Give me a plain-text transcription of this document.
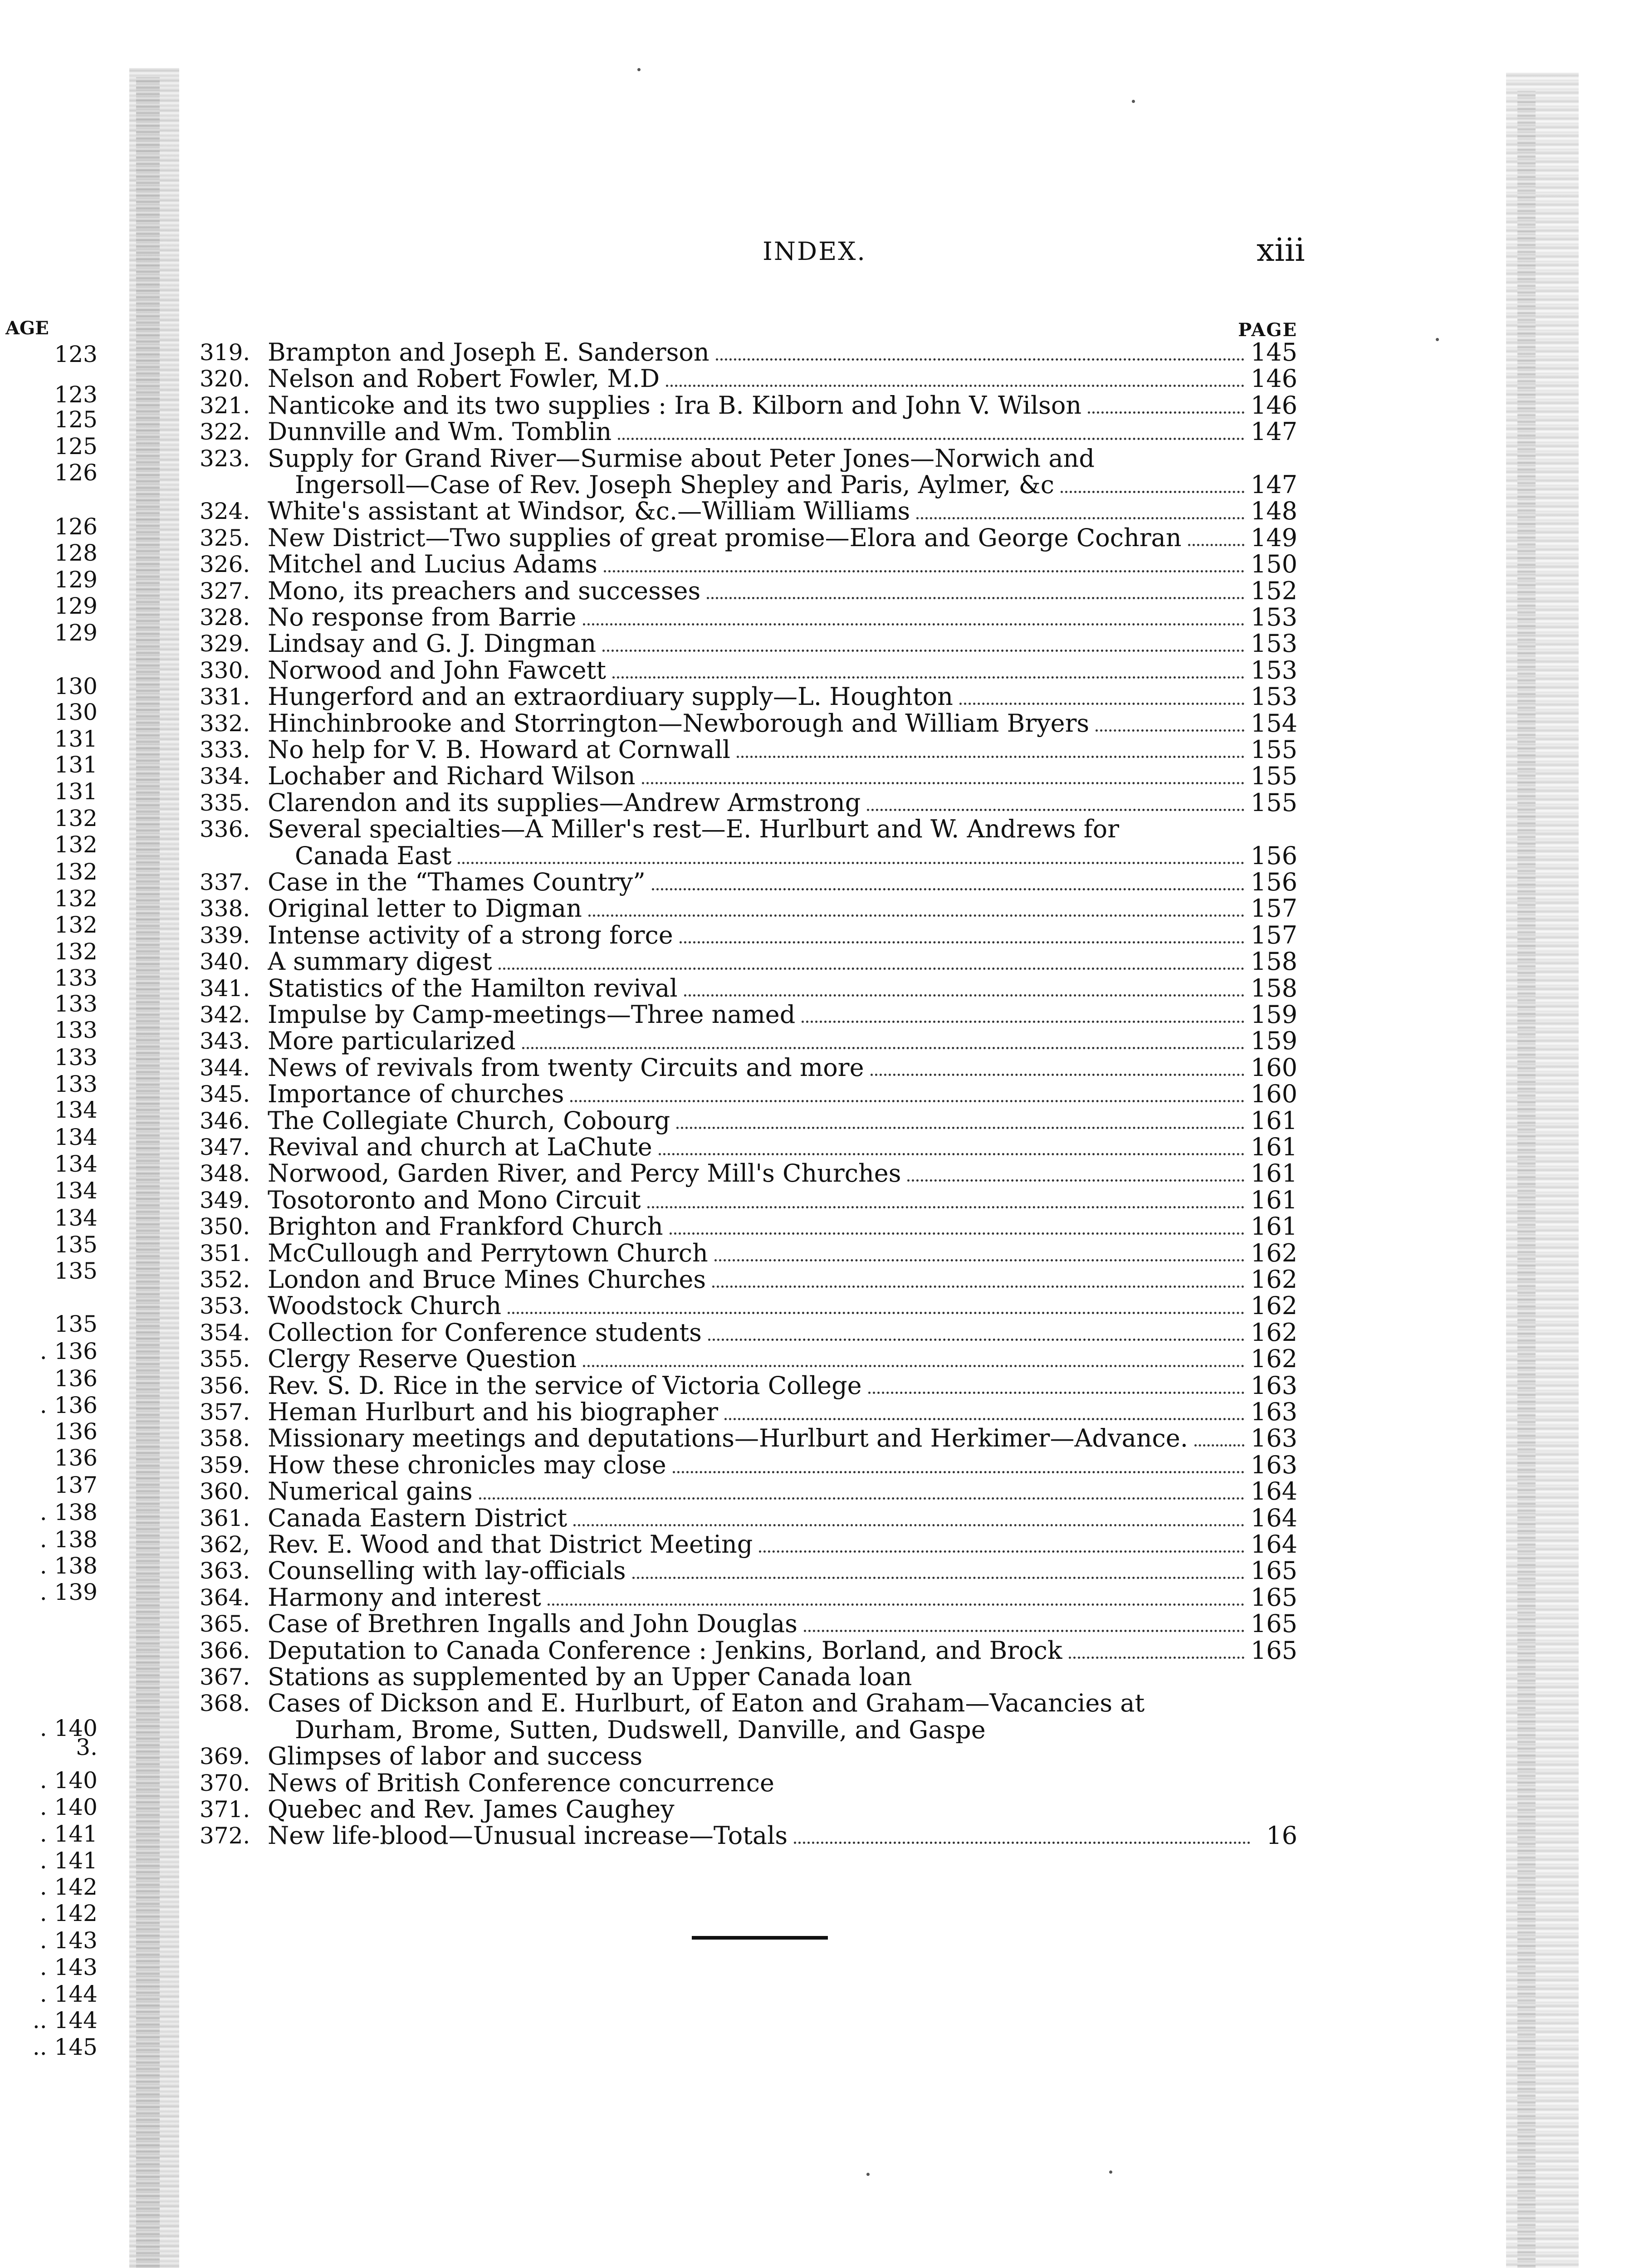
INDEX.	xiii
PAGE
AGE
123
123
125
125
126
126
128
129
129
129
130
130
131
131
131
132
132
132
132
132
132
133
133
133
133
133
134
134
134
134
134
135
135
135
. 136
136
. 136
136
136
137
. 138
. 138
. 138
. 139
. 140
3.
. 140
. 140
. 141
. 141
. 142
. 142
. 143
. 143
. 144
.. 144
.. 145
319. Brampton and Joseph E. Sanderson	145
320. Nelson and Robert Fowler, M.D	146
321. Nanticoke and its two supplies : Ira B. Kilborn and John V. Wilson	146
322. Dunnville and Wm. Tomblin	147
323. Supply for Grand River—Surmise about Peter Jones—Norwich and
Ingersoll—Case of Rev. Joseph Shepley and Paris, Aylmer, &c	147
324. White's assistant at Windsor, &c.—William Williams	148
325. New District—Two supplies of great promise—Elora and George Cochran	149
326. Mitchel and Lucius Adams	150
327. Mono, its preachers and successes	152
328. No response from Barrie	153
329. Lindsay and G. J. Dingman	153
330. Norwood and John Fawcett	153
331. Hungerford and an extraordiuary supply—L. Houghton	153
332. Hinchinbrooke and Storrington—Newborough and William Bryers	154
333. No help for V. B. Howard at Cornwall	155
334. Lochaber and Richard Wilson	155
335. Clarendon and its supplies—Andrew Armstrong	155
336. Several specialties—A Miller's rest—E. Hurlburt and W. Andrews for
Canada East	156
337. Case in the “Thames Country”	156
338. Original letter to Digman	157
339. Intense activity of a strong force	157
340. A summary digest	158
341. Statistics of the Hamilton revival	158
342. Impulse by Camp-meetings—Three named	159
343. More particularized	159
344. News of revivals from twenty Circuits and more	160
345. Importance of churches	160
346. The Collegiate Church, Cobourg	161
347. Revival and church at LaChute	161
348. Norwood, Garden River, and Percy Mill's Churches	161
349. Tosotoronto and Mono Circuit	161
350. Brighton and Frankford Church	161
351. McCullough and Perrytown Church	162
352. London and Bruce Mines Churches	162
353. Woodstock Church	162
354. Collection for Conference students	162
355. Clergy Reserve Question	162
356. Rev. S. D. Rice in the service of Victoria College	163
357. Heman Hurlburt and his biographer	163
358. Missionary meetings and deputations—Hurlburt and Herkimer—Advance.	163
359. How these chronicles may close	163
360. Numerical gains	164
361. Canada Eastern District	164
362, Rev. E. Wood and that District Meeting	164
363. Counselling with lay-officials	165
364. Harmony and interest	165
365. Case of Brethren Ingalls and John Douglas	165
366. Deputation to Canada Conference : Jenkins, Borland, and Brock	165
367. Stations as supplemented by an Upper Canada loan
368. Cases of Dickson and E. Hurlburt, of Eaton and Graham—Vacancies at
Durham, Brome, Sutten, Dudswell, Danville, and Gaspe
369. Glimpses of labor and success
370. News of British Conference concurrence
371. Quebec and Rev. James Caughey
372. New life-blood—Unusual increase—Totals	16
